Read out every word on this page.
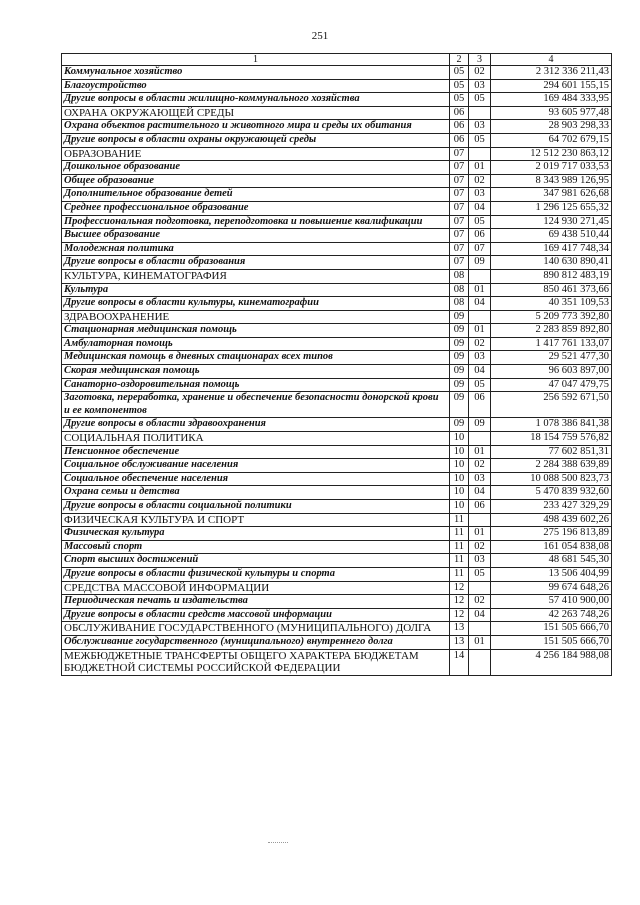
251
1	2	3	4
Коммунальное хозяйство	05	02	2 312 336 211,43
Благоустройство	05	03	294 601 155,15
Другие вопросы в области жилищно-коммунального хозяйства	05	05	169 484 333,95
ОХРАНА ОКРУЖАЮЩЕЙ СРЕДЫ	06		93 605 977,48
Охрана объектов растительного и животного мира и среды их обитания	06	03	28 903 298,33
Другие вопросы в области охраны окружающей среды	06	05	64 702 679,15
ОБРАЗОВАНИЕ	07		12 512 230 863,12
Дошкольное образование	07	01	2 019 717 033,53
Общее образование	07	02	8 343 989 126,95
Дополнительное образование детей	07	03	347 981 626,68
Среднее профессиональное образование	07	04	1 296 125 655,32
Профессиональная подготовка, переподготовка и повышение квалификации	07	05	124 930 271,45
Высшее образование	07	06	69 438 510,44
Молодежная политика	07	07	169 417 748,34
Другие вопросы в области образования	07	09	140 630 890,41
КУЛЬТУРА, КИНЕМАТОГРАФИЯ	08		890 812 483,19
Культура	08	01	850 461 373,66
Другие вопросы в области культуры, кинематографии	08	04	40 351 109,53
ЗДРАВООХРАНЕНИЕ	09		5 209 773 392,80
Стационарная медицинская помощь	09	01	2 283 859 892,80
Амбулаторная помощь	09	02	1 417 761 133,07
Медицинская помощь в дневных стационарах всех типов	09	03	29 521 477,30
Скорая медицинская помощь	09	04	96 603 897,00
Санаторно-оздоровительная помощь	09	05	47 047 479,75
Заготовка, переработка, хранение и обеспечение безопасности донорской крови и ее компонентов	09	06	256 592 671,50
Другие вопросы в области здравоохранения	09	09	1 078 386 841,38
СОЦИАЛЬНАЯ ПОЛИТИКА	10		18 154 759 576,82
Пенсионное обеспечение	10	01	77 602 851,31
Социальное обслуживание населения	10	02	2 284 388 639,89
Социальное обеспечение населения	10	03	10 088 500 823,73
Охрана семьи и детства	10	04	5 470 839 932,60
Другие вопросы в области социальной политики	10	06	233 427 329,29
ФИЗИЧЕСКАЯ КУЛЬТУРА И СПОРТ	11		498 439 602,26
Физическая культура	11	01	275 196 813,89
Массовый спорт	11	02	161 054 838,08
Спорт высших достижений	11	03	48 681 545,30
Другие вопросы в области физической культуры и спорта	11	05	13 506 404,99
СРЕДСТВА МАССОВОЙ ИНФОРМАЦИИ	12		99 674 648,26
Периодическая печать и издательства	12	02	57 410 900,00
Другие вопросы в области средств массовой информации	12	04	42 263 748,26
ОБСЛУЖИВАНИЕ ГОСУДАРСТВЕННОГО (МУНИЦИПАЛЬНОГО) ДОЛГА	13		151 505 666,70
Обслуживание государственного (муниципального) внутреннего долга	13	01	151 505 666,70
МЕЖБЮДЖЕТНЫЕ ТРАНСФЕРТЫ ОБЩЕГО ХАРАКТЕРА БЮДЖЕТАМ БЮДЖЕТНОЙ СИСТЕМЫ РОССИЙСКОЙ ФЕДЕРАЦИИ	14		4 256 184 988,08
